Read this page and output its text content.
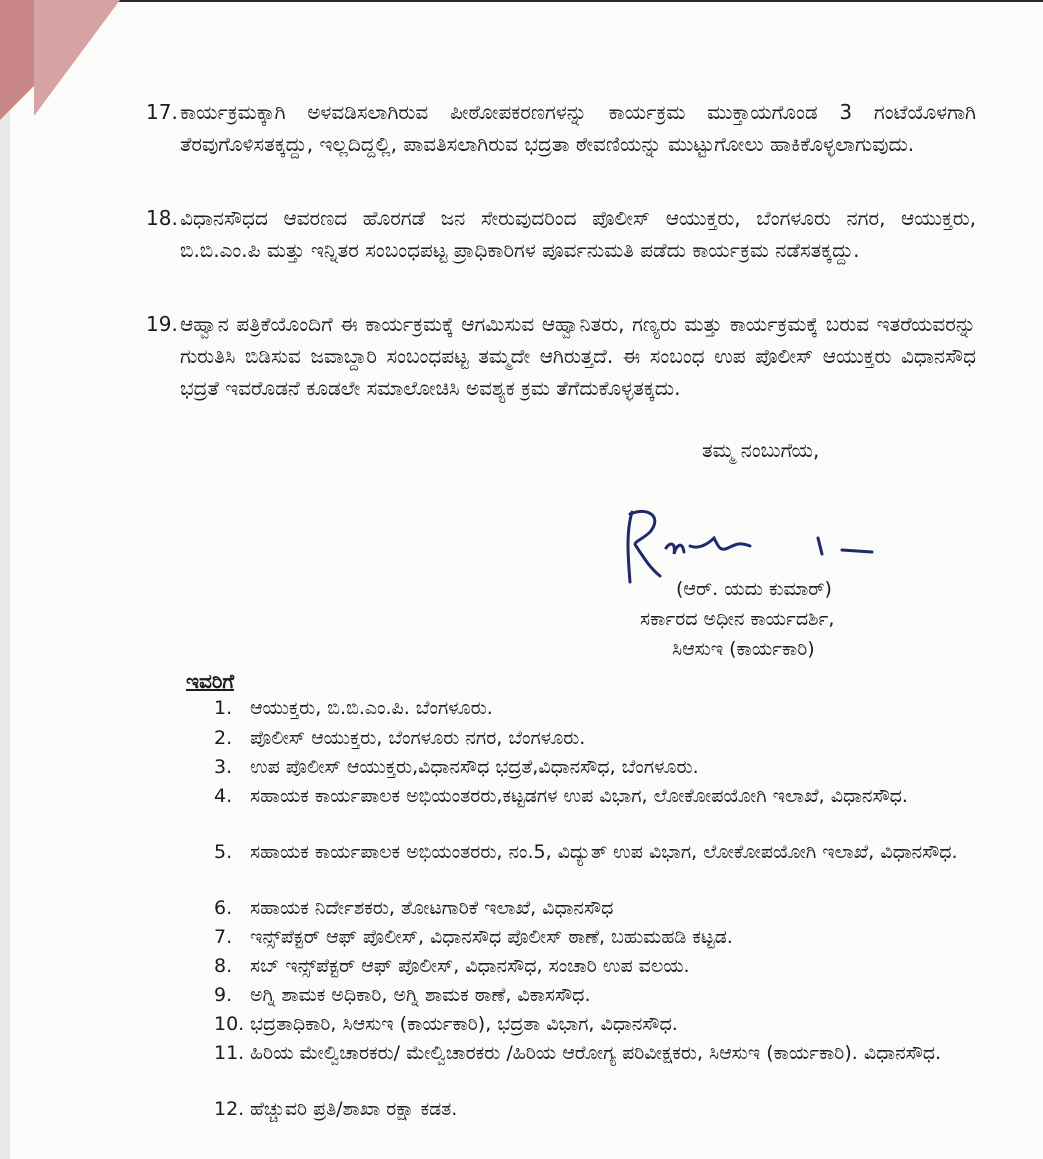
17. ಕಾರ್ಯಕ್ರಮಕ್ಕಾಗಿ ಅಳವಡಿಸಲಾಗಿರುವ ಪೀಠೋಪಕರಣಗಳನ್ನು ಕಾರ್ಯಕ್ರಮ ಮುಕ್ತಾಯಗೊಂಡ 3 ಗಂಟೆಯೊಳಗಾಗಿ ತೆರವುಗೊಳಿಸತಕ್ಕದ್ದು, ಇಲ್ಲದಿದ್ದಲ್ಲಿ, ಪಾವತಿಸಲಾಗಿರುವ ಭದ್ರತಾ ಠೇವಣಿಯನ್ನು ಮುಟ್ಟುಗೋಲು ಹಾಕಿಕೊಳ್ಳಲಾಗುವುದು.
18. ವಿಧಾನಸೌಧದ ಆವರಣದ ಹೊರಗಡೆ ಜನ ಸೇರುವುದರಿಂದ ಪೊಲೀಸ್ ಆಯುಕ್ತರು, ಬೆಂಗಳೂರು ನಗರ, ಆಯುಕ್ತರು, ಬಿ.ಬಿ.ಎಂ.ಪಿ ಮತ್ತು ಇನ್ನಿತರ ಸಂಬಂಧಪಟ್ಟ ಪ್ರಾಧಿಕಾರಿಗಳ ಪೂರ್ವನುಮತಿ ಪಡೆದು ಕಾರ್ಯಕ್ರಮ ನಡೆಸತಕ್ಕದ್ದು.
19. ಆಹ್ವಾನ ಪತ್ರಿಕೆಯೊಂದಿಗೆ ಈ ಕಾರ್ಯಕ್ರಮಕ್ಕೆ ಆಗಮಿಸುವ ಆಹ್ವಾನಿತರು, ಗಣ್ಯರು ಮತ್ತು ಕಾರ್ಯಕ್ರಮಕ್ಕೆ ಬರುವ ಇತರೆಯವರನ್ನು ಗುರುತಿಸಿ ಬಿಡಿಸುವ ಜವಾಬ್ದಾರಿ ಸಂಬಂಧಪಟ್ಟ ತಮ್ಮದೇ ಆಗಿರುತ್ತದೆ. ಈ ಸಂಬಂಧ ಉಪ ಪೊಲೀಸ್ ಆಯುಕ್ತರು ವಿಧಾನಸೌಧ ಭದ್ರತೆ ಇವರೊಡನೆ ಕೂಡಲೇ ಸಮಾಲೋಚಿಸಿ ಅವಶ್ಯಕ ಕ್ರಮ ತೆಗೆದುಕೊಳ್ಳತಕ್ಕದು.
ತಮ್ಮ ನಂಬುಗೆಯ,
(ಆರ್. ಯದು ಕುಮಾರ್)
ಸರ್ಕಾರದ ಅಧೀನ ಕಾರ್ಯದರ್ಶಿ,
ಸಿಆಸುಇ (ಕಾರ್ಯಕಾರಿ)
ಇವರಿಗೆ
1. ಆಯುಕ್ತರು, ಬಿ.ಬಿ.ಎಂ.ಪಿ. ಬೆಂಗಳೂರು.
2. ಪೊಲೀಸ್ ಆಯುಕ್ತರು, ಬೆಂಗಳೂರು ನಗರ, ಬೆಂಗಳೂರು.
3. ಉಪ ಪೊಲೀಸ್ ಆಯುಕ್ತರು,ವಿಧಾನಸೌಧ ಭದ್ರತೆ,ವಿಧಾನಸೌಧ, ಬೆಂಗಳೂರು.
4. ಸಹಾಯಕ ಕಾರ್ಯಪಾಲಕ ಅಭಿಯಂತರರು,ಕಟ್ಟಡಗಳ ಉಪ ವಿಭಾಗ, ಲೋಕೋಪಯೋಗಿ ಇಲಾಖೆ, ವಿಧಾನಸೌಧ.
5. ಸಹಾಯಕ ಕಾರ್ಯಪಾಲಕ ಅಭಿಯಂತರರು, ನಂ.5, ವಿದ್ಯುತ್ ಉಪ ವಿಭಾಗ, ಲೋಕೋಪಯೋಗಿ ಇಲಾಖೆ, ವಿಧಾನಸೌಧ.
6. ಸಹಾಯಕ ನಿರ್ದೇಶಕರು, ತೋಟಗಾರಿಕೆ ಇಲಾಖೆ, ವಿಧಾನಸೌಧ
7. ಇನ್ಸ್‌ಪೆಕ್ಟರ್ ಆಫ್ ಪೊಲೀಸ್, ವಿಧಾನಸೌಧ ಪೊಲೀಸ್ ಠಾಣೆ, ಬಹುಮಹಡಿ ಕಟ್ಟಡ.
8. ಸಬ್ ಇನ್ಸ್‌ಪೆಕ್ಟರ್ ಆಫ್ ಪೊಲೀಸ್, ವಿಧಾನಸೌಧ, ಸಂಚಾರಿ ಉಪ ವಲಯ.
9. ಅಗ್ನಿ ಶಾಮಕ ಅಧಿಕಾರಿ, ಅಗ್ನಿ ಶಾಮಕ ಠಾಣೆ, ವಿಕಾಸಸೌಧ.
10. ಭದ್ರತಾಧಿಕಾರಿ, ಸಿಆಸುಇ (ಕಾರ್ಯಕಾರಿ), ಭದ್ರತಾ ವಿಭಾಗ, ವಿಧಾನಸೌಧ.
11. ಹಿರಿಯ ಮೇಲ್ವಿಚಾರಕರು/ ಮೇಲ್ವಿಚಾರಕರು /ಹಿರಿಯ ಆರೋಗ್ಯ ಪರಿವೀಕ್ಷಕರು, ಸಿಆಸುಇ (ಕಾರ್ಯಕಾರಿ). ವಿಧಾನಸೌಧ.
12. ಹೆಚ್ಚುವರಿ ಪ್ರತಿ/ಶಾಖಾ ರಕ್ಷಾ ಕಡತ.
